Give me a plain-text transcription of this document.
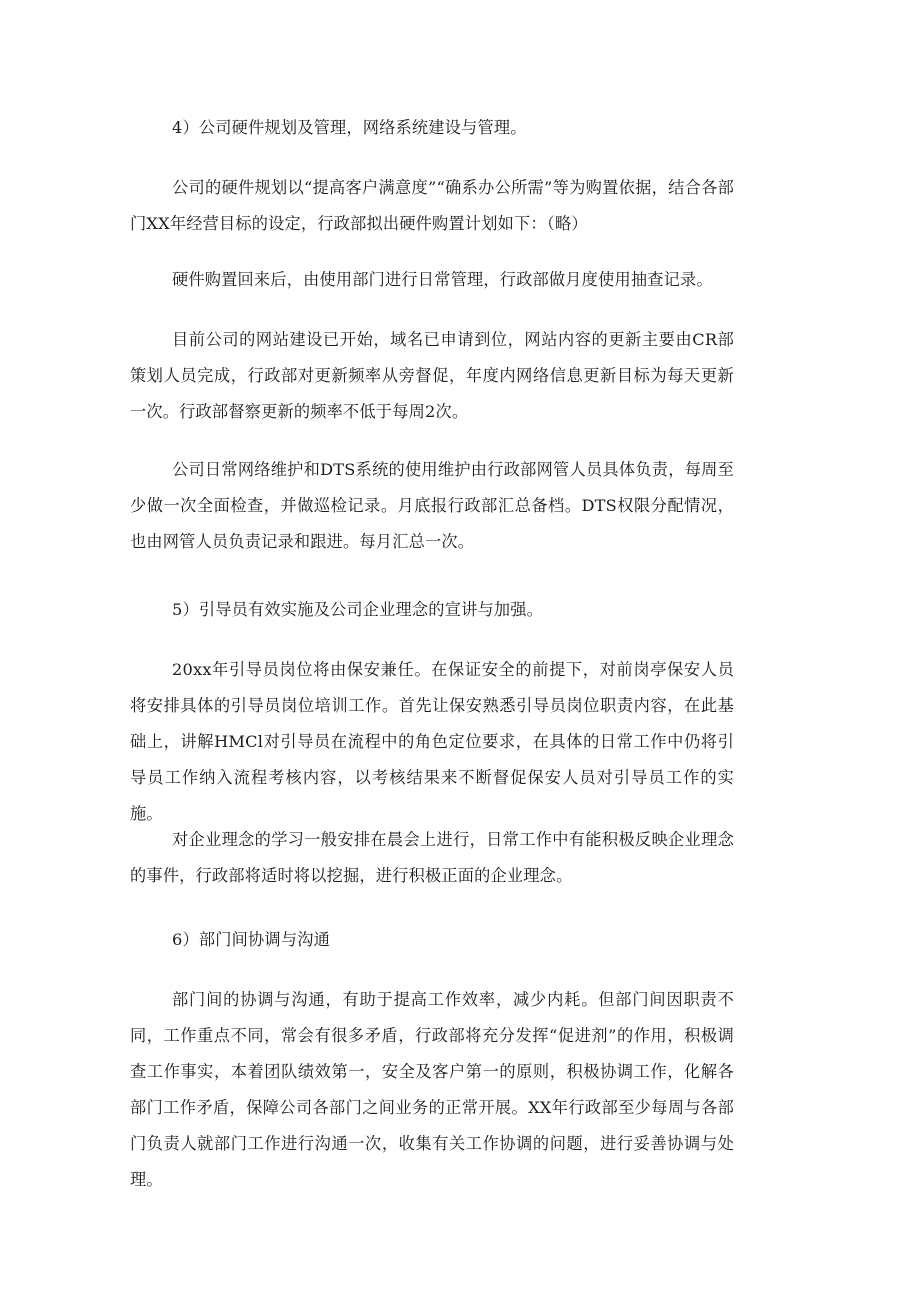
4）公司硬件规划及管理，网络系统建设与管理。

公司的硬件规划以“提高客户满意度”“确系办公所需”等为购置依据，结合各部门XX年经营目标的设定，行政部拟出硬件购置计划如下：（略）

硬件购置回来后，由使用部门进行日常管理，行政部做月度使用抽查记录。

目前公司的网站建设已开始，域名已申请到位，网站内容的更新主要由CR部策划人员完成，行政部对更新频率从旁督促，年度内网络信息更新目标为每天更新一次。行政部督察更新的频率不低于每周2次。

公司日常网络维护和DTS系统的使用维护由行政部网管人员具体负责，每周至少做一次全面检查，并做巡检记录。月底报行政部汇总备档。DTS权限分配情况，也由网管人员负责记录和跟进。每月汇总一次。

5）引导员有效实施及公司企业理念的宣讲与加强。

20xx年引导员岗位将由保安兼任。在保证安全的前提下，对前岗亭保安人员将安排具体的引导员岗位培训工作。首先让保安熟悉引导员岗位职责内容，在此基础上，讲解HMCl对引导员在流程中的角色定位要求，在具体的日常工作中仍将引导员工作纳入流程考核内容，以考核结果来不断督促保安人员对引导员工作的实施。

对企业理念的学习一般安排在晨会上进行，日常工作中有能积极反映企业理念的事件，行政部将适时将以挖掘，进行积极正面的企业理念。

6）部门间协调与沟通

部门间的协调与沟通，有助于提高工作效率，减少内耗。但部门间因职责不同，工作重点不同，常会有很多矛盾，行政部将充分发挥“促进剂”的作用，积极调查工作事实，本着团队绩效第一，安全及客户第一的原则，积极协调工作，化解各部门工作矛盾，保障公司各部门之间业务的正常开展。XX年行政部至少每周与各部门负责人就部门工作进行沟通一次，收集有关工作协调的问题，进行妥善协调与处理。
